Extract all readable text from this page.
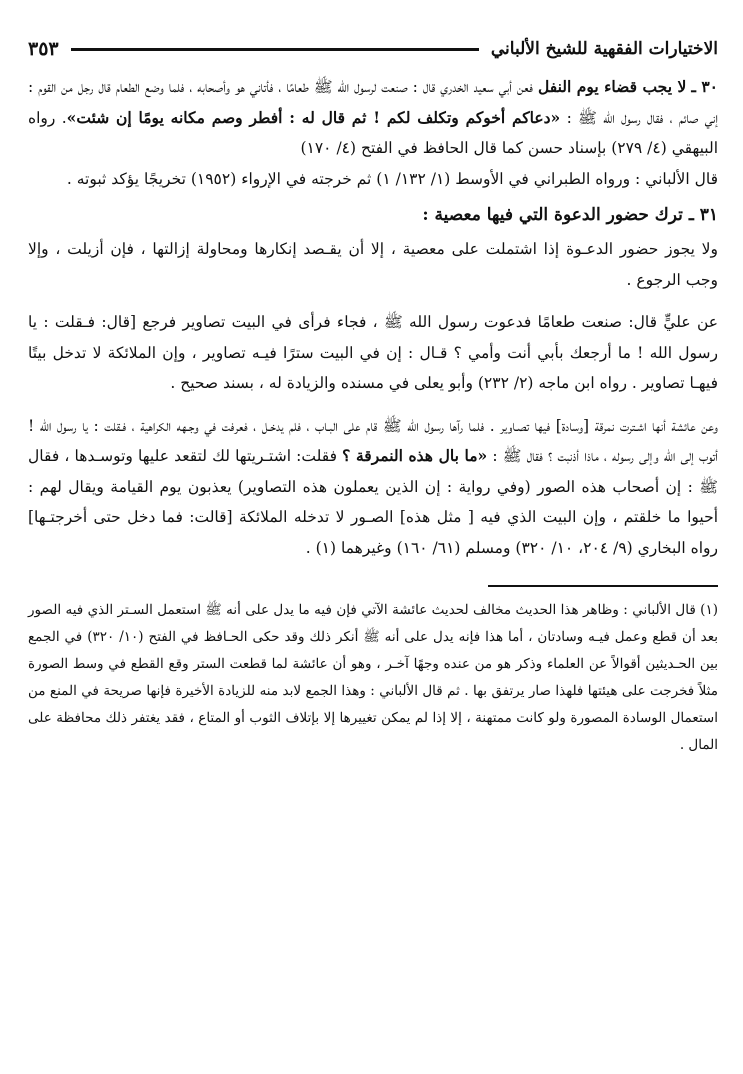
الاختيارات الفقهية للشيخ الألباني
٣٥٣

٣٠ ـ لا يجب قضاء يوم النفل فعن أبي سعيد الخدري قال : صنعت لرسول الله ﷺ طعامًا ، فأتاني هو وأصحابه ، فلما وضع الطعام قال رجل من القوم : إني صائم ، فقال رسول الله ﷺ : «دعاكم أخوكم وتكلف لكم ! ثم قال له : أفطر وصم مكانه يومًا إن شئت». رواه البيهقي (٤/ ٢٧٩) بإسناد حسن كما قال الحافظ في الفتح (٤/ ١٧٠)

قال الألباني : ورواه الطبراني في الأوسط (١/ ١٣٢/ ١) ثم خرجته في الإرواء (١٩٥٢) تخريجًا يؤكد ثبوته .

٣١ ـ ترك حضور الدعوة التي فيها معصية :

ولا يجوز حضور الدعـوة إذا اشتملت على معصية ، إلا أن يقـصد إنكارها ومحاولة إزالتها ، فإن أزيلت ، وإلا وجب الرجوع .

عن عليٍّ قال: صنعت طعامًا فدعوت رسول الله ﷺ ، فجاء فرأى في البيت تصاوير فرجع [قال: فـقلت : يا رسول الله ! ما أرجعك بأبي أنت وأمي ؟ قـال : إن في البيت سترًا فيـه تصاوير ، وإن الملائكة لا تدخل بيتًا فيهـا تصاوير . رواه ابن ماجه (٢/ ٢٣٢) وأبو يعلى في مسنده والزيادة له ، بسند صحيح .

وعن عائشة أنها اشـترت نمرقة [وسادة] فيها تصـاوير . فلما رآها رسول الله ﷺ قام على البـاب ، فلم يدخـل ، فعرفت في وجـهه الكراهية ، فـقلت : يا رسول الله ! أتوب إلى الله وإلى رسوله ، ماذا أذنبت ؟ فقال ﷺ : «ما بال هذه النمرقة ؟ فقلت: اشتـريتها لك لتقعد عليها وتوسـدها ، فقال ﷺ : إن أصحاب هذه الصور (وفي رواية : إن الذين يعملون هذه التصاوير) يعذبون يوم القيامة ويقال لهم : أحيوا ما خلقتم ، وإن البيت الذي فيه [ مثل هذه] الصـور لا تدخله الملائكة [قالت: فما دخل حتى أخرجتـها] رواه البخاري (٩/ ٢٠٤، ١٠/ ٣٢٠) ومسلم (٦١/ ١٦٠) وغيرهما (١) .

(١) قال الألباني : وظاهر هذا الحديث مخالف لحديث عائشة الآتي فإن فيه ما يدل على أنه ﷺ استعمل السـتر الذي فيه الصور بعد أن قطع وعمل فيـه وسادتان ، أما هذا فإنه يدل على أنه ﷺ أنكر ذلك وقد حكى الحـافظ في الفتح (١٠/ ٣٢٠) في الجمع بين الحـديثين أقوالاً عن العلماء وذكر هو من عنده وجهًا آخـر ، وهو أن عائشة لما قطعت الستر وقع القطع في وسط الصورة مثلاً فخرجت على هيئتها فلهذا صار يرتفق بها . ثم قال الألباني : وهذا الجمع لابد منه للزيادة الأخيرة فإنها صريحة في المنع من استعمال الوسادة المصورة ولو كانت ممتهنة ، إلا إذا لم يمكن تغييرها إلا بإتلاف الثوب أو المتاع ، فقد يغتفر ذلك محافظة على المال .
